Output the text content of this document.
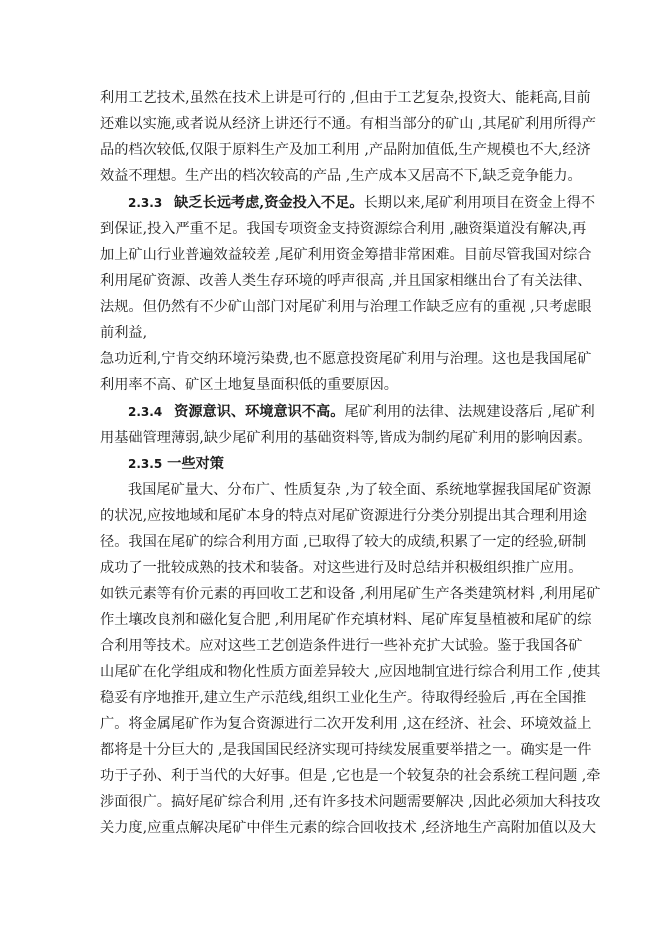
利用工艺技术,虽然在技术上讲是可行的 ,但由于工艺复杂,投资大、能耗高,目前
还难以实施,或者说从经济上讲还行不通。有相当部分的矿山 ,其尾矿利用所得产
品的档次较低,仅限于原料生产及加工利用 ,产品附加值低,生产规模也不大,经济
效益不理想。生产出的档次较高的产品 ,生产成本又居高不下,缺乏竞争能力。
2.3.3 缺乏长远考虑,资金投入不足。长期以来,尾矿利用项目在资金上得不
到保证,投入严重不足。我国专项资金支持资源综合利用 ,融资渠道没有解决,再
加上矿山行业普遍效益较差 ,尾矿利用资金筹措非常困难。目前尽管我国对综合
利用尾矿资源、改善人类生存环境的呼声很高 ,并且国家相继出台了有关法律、
法规。但仍然有不少矿山部门对尾矿利用与治理工作缺乏应有的重视 ,只考虑眼
前利益,
急功近利,宁肯交纳环境污染费,也不愿意投资尾矿利用与治理。这也是我国尾矿
利用率不高、矿区土地复垦面积低的重要原因。
2.3.4 资源意识、环境意识不高。尾矿利用的法律、法规建设落后 ,尾矿利
用基础管理薄弱,缺少尾矿利用的基础资料等,皆成为制约尾矿利用的影响因素。
2.3.5 一些对策
我国尾矿量大、分布广、性质复杂 ,为了较全面、系统地掌握我国尾矿资源
的状况,应按地域和尾矿本身的特点对尾矿资源进行分类分别提出其合理利用途
径。我国在尾矿的综合利用方面 ,已取得了较大的成绩,积累了一定的经验,研制
成功了一批较成熟的技术和装备。对这些进行及时总结并积极组织推广应用。
如铁元素等有价元素的再回收工艺和设备 ,利用尾矿生产各类建筑材料 ,利用尾矿
作土壤改良剂和磁化复合肥 ,利用尾矿作充填材料、尾矿库复垦植被和尾矿的综
合利用等技术。应对这些工艺创造条件进行一些补充扩大试验。鉴于我国各矿
山尾矿在化学组成和物化性质方面差异较大 ,应因地制宜进行综合利用工作 ,使其
稳妥有序地推开,建立生产示范线,组织工业化生产。待取得经验后 ,再在全国推
广。将金属尾矿作为复合资源进行二次开发利用 ,这在经济、社会、环境效益上
都将是十分巨大的 ,是我国国民经济实现可持续发展重要举措之一。确实是一件
功于子孙、利于当代的大好事。但是 ,它也是一个较复杂的社会系统工程问题 ,牵
涉面很广。搞好尾矿综合利用 ,还有许多技术问题需要解决 ,因此必须加大科技攻
关力度,应重点解决尾矿中伴生元素的综合回收技术 ,经济地生产高附加值以及大
